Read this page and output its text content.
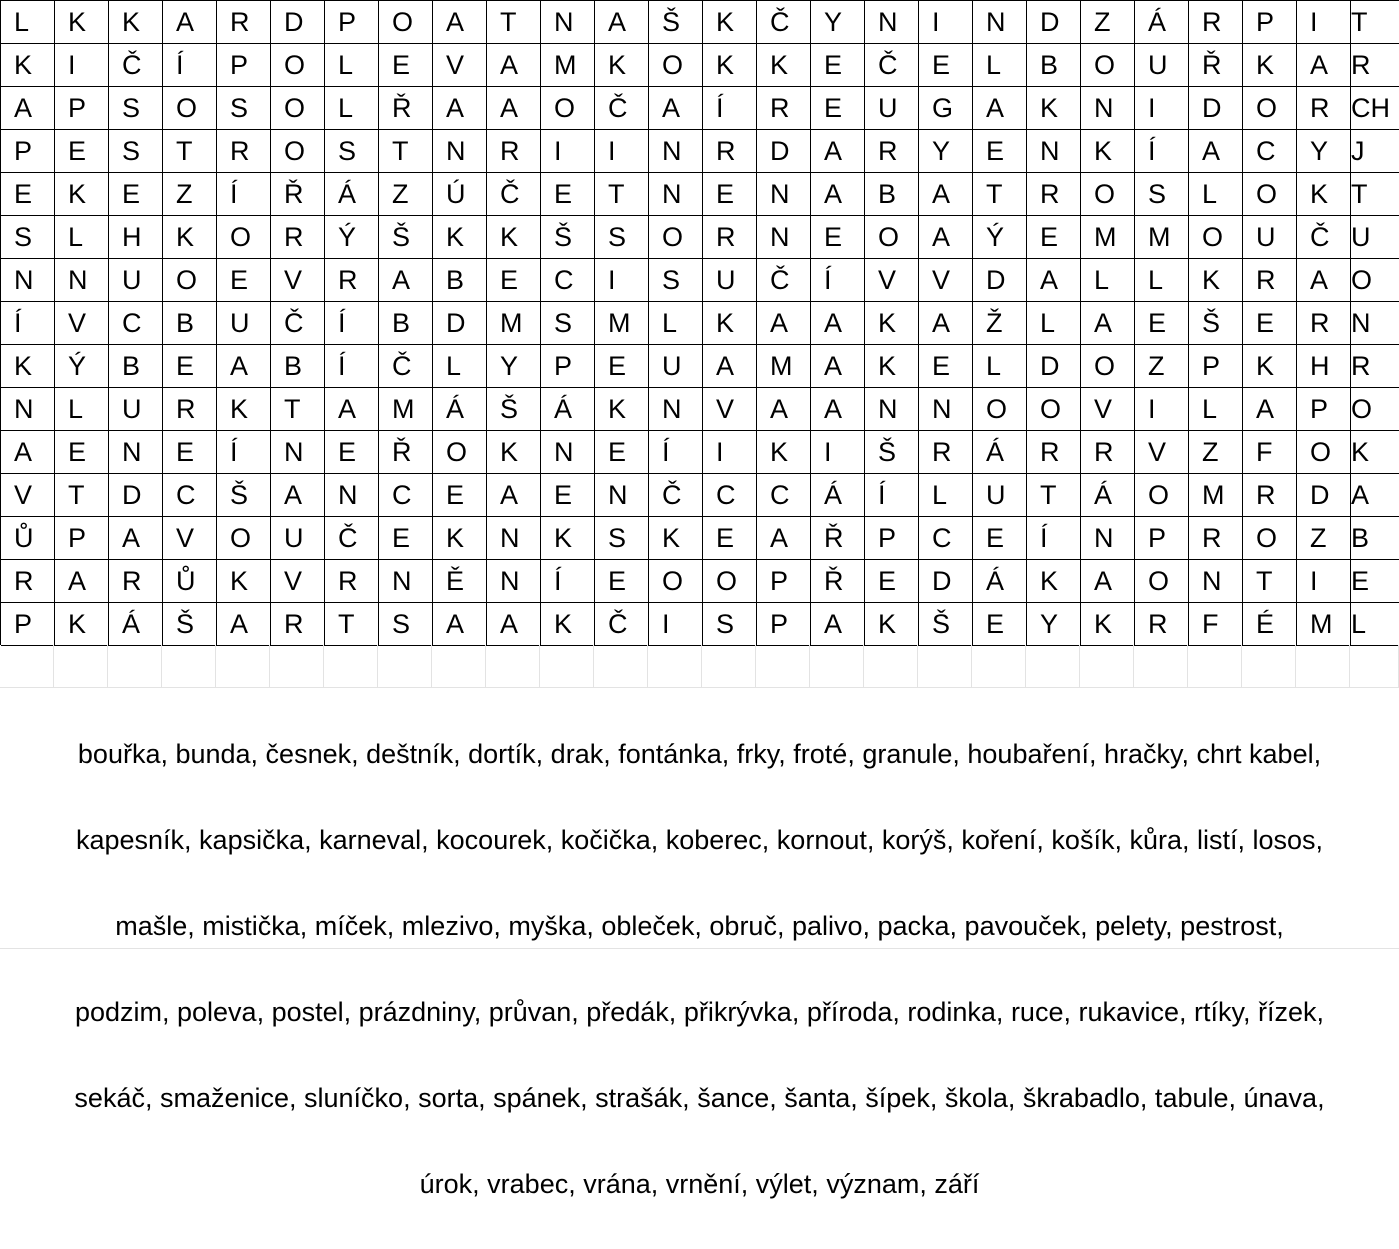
L	K	K	A	R	D	P	O	A	T	N	A	Š	K	Č	Y	N	I	N	D	Z	Á	R	P	I	T
K	I	Č	Í	P	O	L	E	V	A	M	K	O	K	K	E	Č	E	L	B	O	U	Ř	K	A R
A	P	S	O	S	O	L	Ř	A	A	O	Č	A	Í	R	E	U	G	A	K	N	I	D	O	R CH
P	E	S	T	R	O	S	T	N	R	I	I	N	R	D	A	R	Y	E	N	K	Í	A	C	Y J
E	K	E	Z	Í	Ř	Á	Z	Ú	Č	E	T	N	E	N	A	B	A	T	R	O	S	L	O	K T
S	L	H	K	O	R	Ý	Š	K	K	Š	S	O	R	N	E	O	A	Ý	E	M	M	O	U	Č U
N	N	U	O	E	V	R	A	B	E	C	I	S	U	Č	Í	V	V	D	A	L	L	K	R	A O
Í	V	C	B	U	Č	Í	B	D	M	S	M	L	K	A	A	K	A	Ž	L	A	E	Š	E	R N
K	Ý	B	E	A	B	Í	Č	L	Y	P	E	U	A	M	A	K	E	L	D	O	Z	P	K	H R
N	L	U	R	K	T	A	M	Á	Š	Á	K	N	V	A	A	N	N	O	O	V	I	L	A	P O
A	E	N	E	Í	N	E	Ř	O	K	N	E	Í	I	K	I	Š	R	Á	R	R	V	Z	F	O K
V	T	D	C	Š	A	N	C	E	A	E	N	Č	C	C	Á	Í	L	U	T	Á	O	M	R	D A
Ů	P	A	V	O	U	Č	E	K	N	K	S	K	E	A	Ř	P	C	E	Í	N	P	R	O	Z B
R	A	R	Ů	K	V	R	N	Ě	N	Í	E	O	O	P	Ř	E	D	Á	K	A	O	N	T	I	E
P	K	Á	Š	A	R	T	S	A	A	K	Č	I	S	P	A	K	Š	E	Y	K	R	F	É	M L

bouřka, bunda, česnek, deštník, dortík, drak, fontánka, frky, froté, granule, houbaření, hračky, chrt kabel,

kapesník, kapsička, karneval, kocourek, kočička, koberec, kornout, korýš, koření, košík, kůra, listí, losos,

mašle, mistička, míček, mlezivo, myška, obleček, obruč, palivo, packa, pavouček, pelety, pestrost,

podzim, poleva, postel, prázdniny, průvan, předák, přikrývka, příroda, rodinka, ruce, rukavice, rtíky, řízek,

sekáč, smaženice, sluníčko, sorta, spánek, strašák, šance, šanta, šípek, škola, škrabadlo, tabule, únava,

úrok, vrabec, vrána, vrnění, výlet, význam, září
